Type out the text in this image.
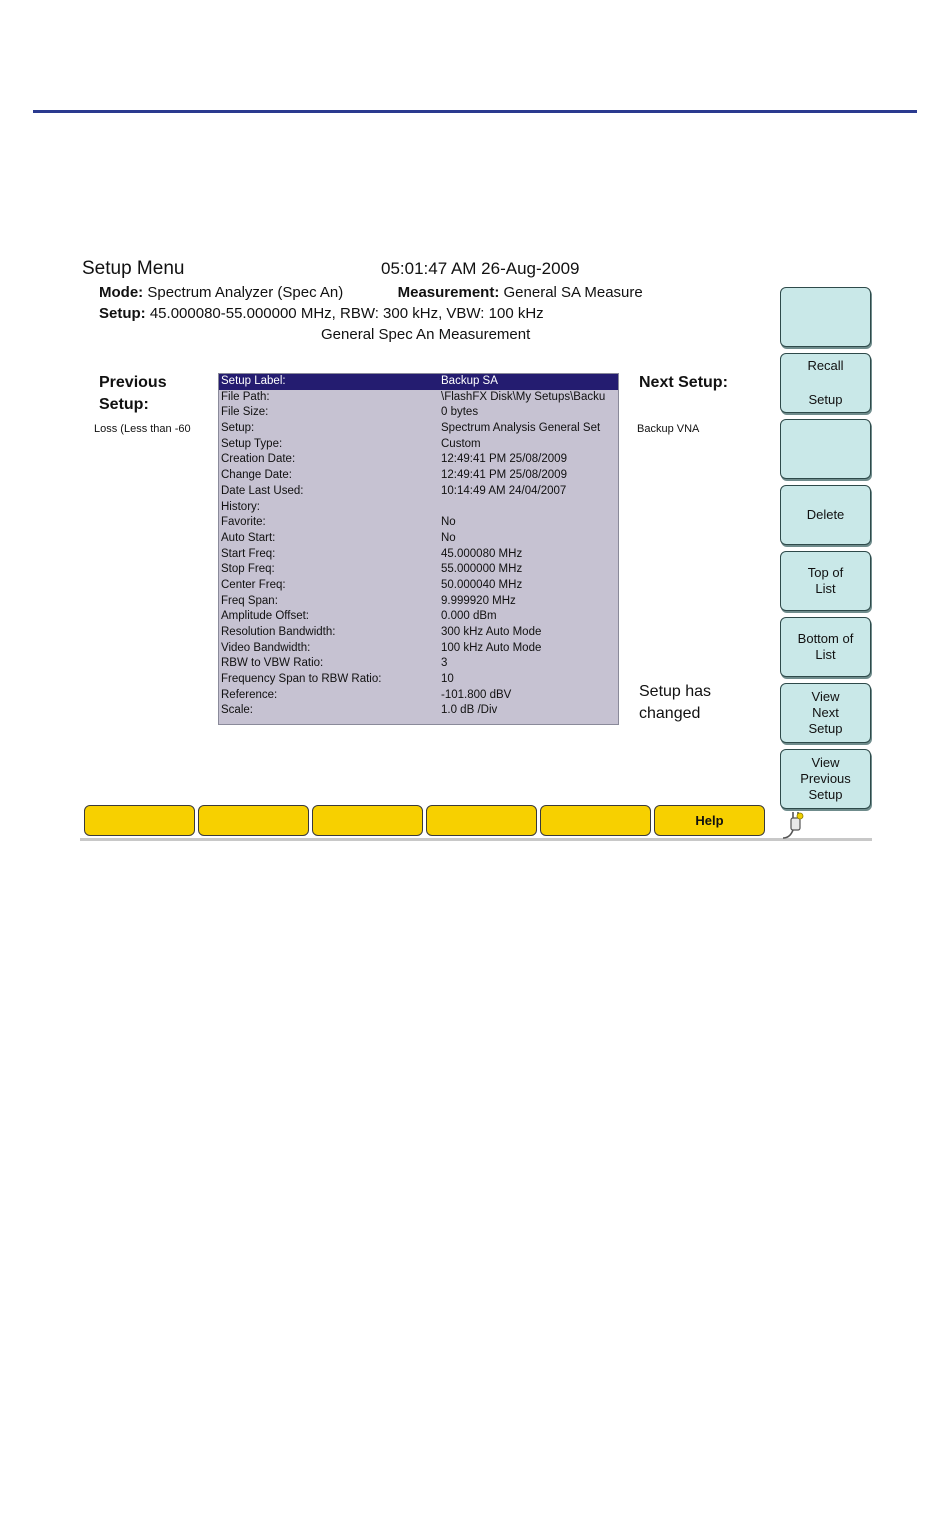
Setup Menu	05:01:47 AM 26-Aug-2009
Mode: Spectrum Analyzer (Spec An)	Measurement: General SA Measure
Setup: 45.000080-55.000000 MHz, RBW: 300 kHz, VBW: 100 kHz
General Spec An Measurement
Previous Setup:
Loss (Less than -60
Next Setup:
Backup VNA
Setup has changed
Setup Label:	Backup SA
File Path:	\FlashFX Disk\My Setups\Backu
File Size:	0 bytes
Setup:	Spectrum Analysis General Set
Setup Type:	Custom
Creation Date:	12:49:41 PM 25/08/2009
Change Date:	12:49:41 PM 25/08/2009
Date Last Used:	10:14:49 AM 24/04/2007
History:
Favorite:	No
Auto Start:	No
Start Freq:	45.000080 MHz
Stop Freq:	55.000000 MHz
Center Freq:	50.000040 MHz
Freq Span:	9.999920 MHz
Amplitude Offset:	0.000 dBm
Resolution Bandwidth:	300 kHz Auto Mode
Video Bandwidth:	100 kHz Auto Mode
RBW to VBW Ratio:	3
Frequency Span to RBW Ratio:	10
Reference:	-101.800 dBV
Scale:	1.0 dB /Div
Recall
Setup
Delete
Top of
List
Bottom of
List
View
Next
Setup
View
Previous
Setup
Help
